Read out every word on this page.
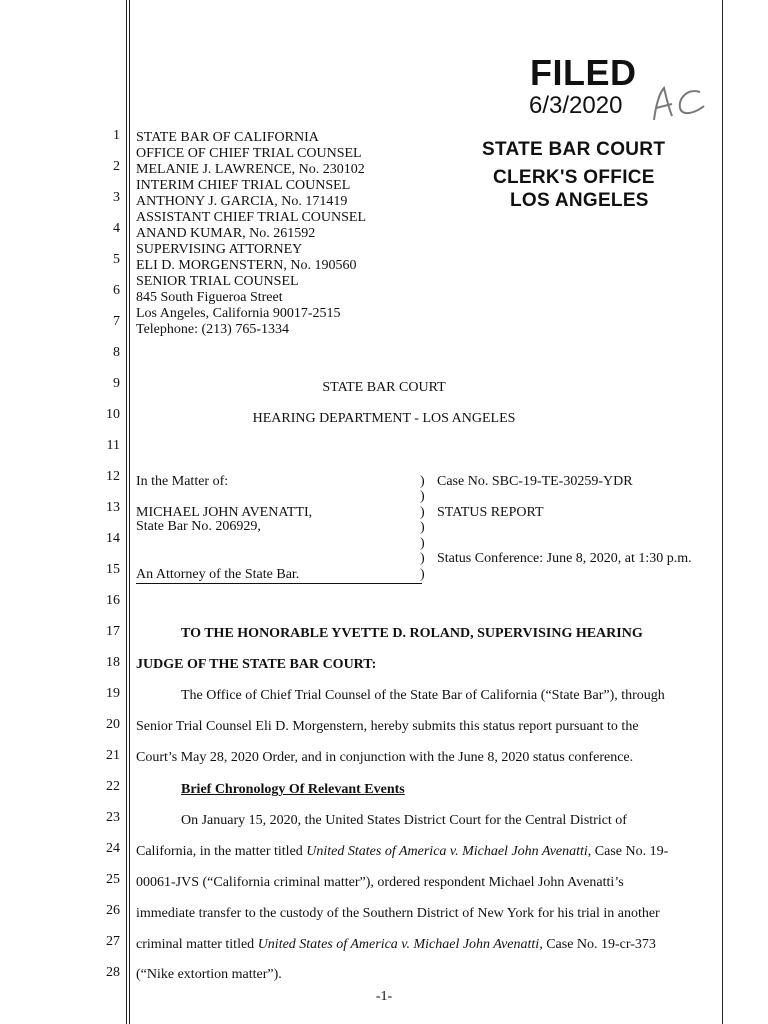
1
2
3
4
5
6
7
8
9
10
11
12
13
14
15
16
17
18
19
20
21
22
23
24
25
26
27
28
FILED
6/3/2020
STATE BAR COURT
CLERK'S OFFICE
LOS ANGELES
STATE BAR OF CALIFORNIA
OFFICE OF CHIEF TRIAL COUNSEL
MELANIE J. LAWRENCE, No. 230102
INTERIM CHIEF TRIAL COUNSEL
ANTHONY J. GARCIA, No. 171419
ASSISTANT CHIEF TRIAL COUNSEL
ANAND KUMAR, No. 261592
SUPERVISING ATTORNEY
ELI D. MORGENSTERN, No. 190560
SENIOR TRIAL COUNSEL
845 South Figueroa Street
Los Angeles, California 90017-2515
Telephone: (213) 765-1334
STATE BAR COURT
HEARING DEPARTMENT - LOS ANGELES
In the Matter of:
MICHAEL JOHN AVENATTI,
State Bar No. 206929,
An Attorney of the State Bar.
)
)
)
)
)
)
)
Case No. SBC-19-TE-30259-YDR
STATUS REPORT
Status Conference: June 8, 2020, at 1:30 p.m.
TO THE HONORABLE YVETTE D. ROLAND, SUPERVISING HEARING
JUDGE OF THE STATE BAR COURT:
The Office of Chief Trial Counsel of the State Bar of California (“State Bar”), through
Senior Trial Counsel Eli D. Morgenstern, hereby submits this status report pursuant to the
Court’s May 28, 2020 Order, and in conjunction with the June 8, 2020 status conference.
Brief Chronology Of Relevant Events
On January 15, 2020, the United States District Court for the Central District of
California, in the matter titled United States of America v. Michael John Avenatti, Case No. 19-
00061-JVS (“California criminal matter”), ordered respondent Michael John Avenatti’s
immediate transfer to the custody of the Southern District of New York for his trial in another
criminal matter titled United States of America v. Michael John Avenatti, Case No. 19-cr-373
(“Nike extortion matter”).
-1-
